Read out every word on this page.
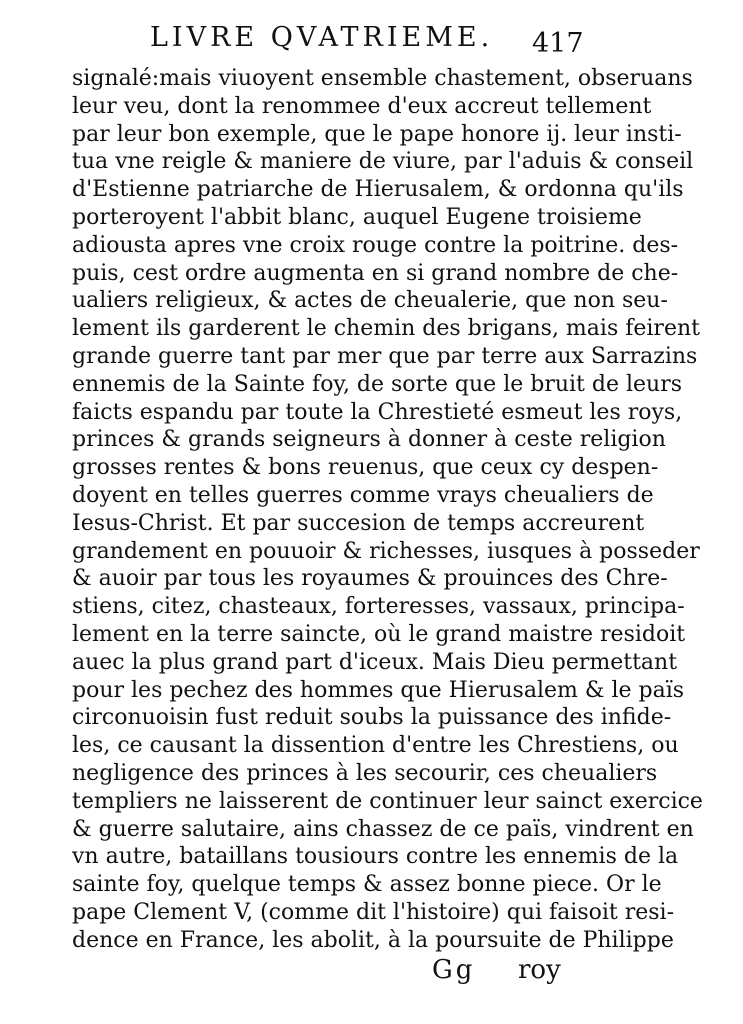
LIVRE QVATRIEME. 417
signalé:mais viuoyent ensemble chastement, obseruans
leur veu, dont la renommee d'eux accreut tellement
par leur bon exemple, que le pape honore ij. leur insti-
tua vne reigle & maniere de viure, par l'aduis & conseil
d'Estienne patriarche de Hierusalem, & ordonna qu'ils
porteroyent l'abbit blanc, auquel Eugene troisieme
adiousta apres vne croix rouge contre la poitrine. des-
puis, cest ordre augmenta en si grand nombre de che-
ualiers religieux, & actes de cheualerie, que non seu-
lement ils garderent le chemin des brigans, mais feirent
grande guerre tant par mer que par terre aux Sarrazins
ennemis de la Sainte foy, de sorte que le bruit de leurs
faicts espandu par toute la Chrestieté esmeut les roys,
princes & grands seigneurs à donner à ceste religion
grosses rentes & bons reuenus, que ceux cy despen-
doyent en telles guerres comme vrays cheualiers de
Iesus-Christ. Et par succesion de temps accreurent
grandement en pouuoir & richesses, iusques à posseder
& auoir par tous les royaumes & prouinces des Chre-
stiens, citez, chasteaux, forteresses, vassaux, principa-
lement en la terre saincte, où le grand maistre residoit
auec la plus grand part d'iceux. Mais Dieu permettant
pour les pechez des hommes que Hierusalem & le païs
circonuoisin fust reduit soubs la puissance des infide-
les, ce causant la dissention d'entre les Chrestiens, ou
negligence des princes à les secourir, ces cheualiers
templiers ne laisserent de continuer leur sainct exercice
& guerre salutaire, ains chassez de ce païs, vindrent en
vn autre, bataillans tousiours contre les ennemis de la
sainte foy, quelque temps & assez bonne piece. Or le
pape Clement V, (comme dit l'histoire) qui faisoit resi-
dence en France, les abolit, à la poursuite de Philippe
Gg roy
